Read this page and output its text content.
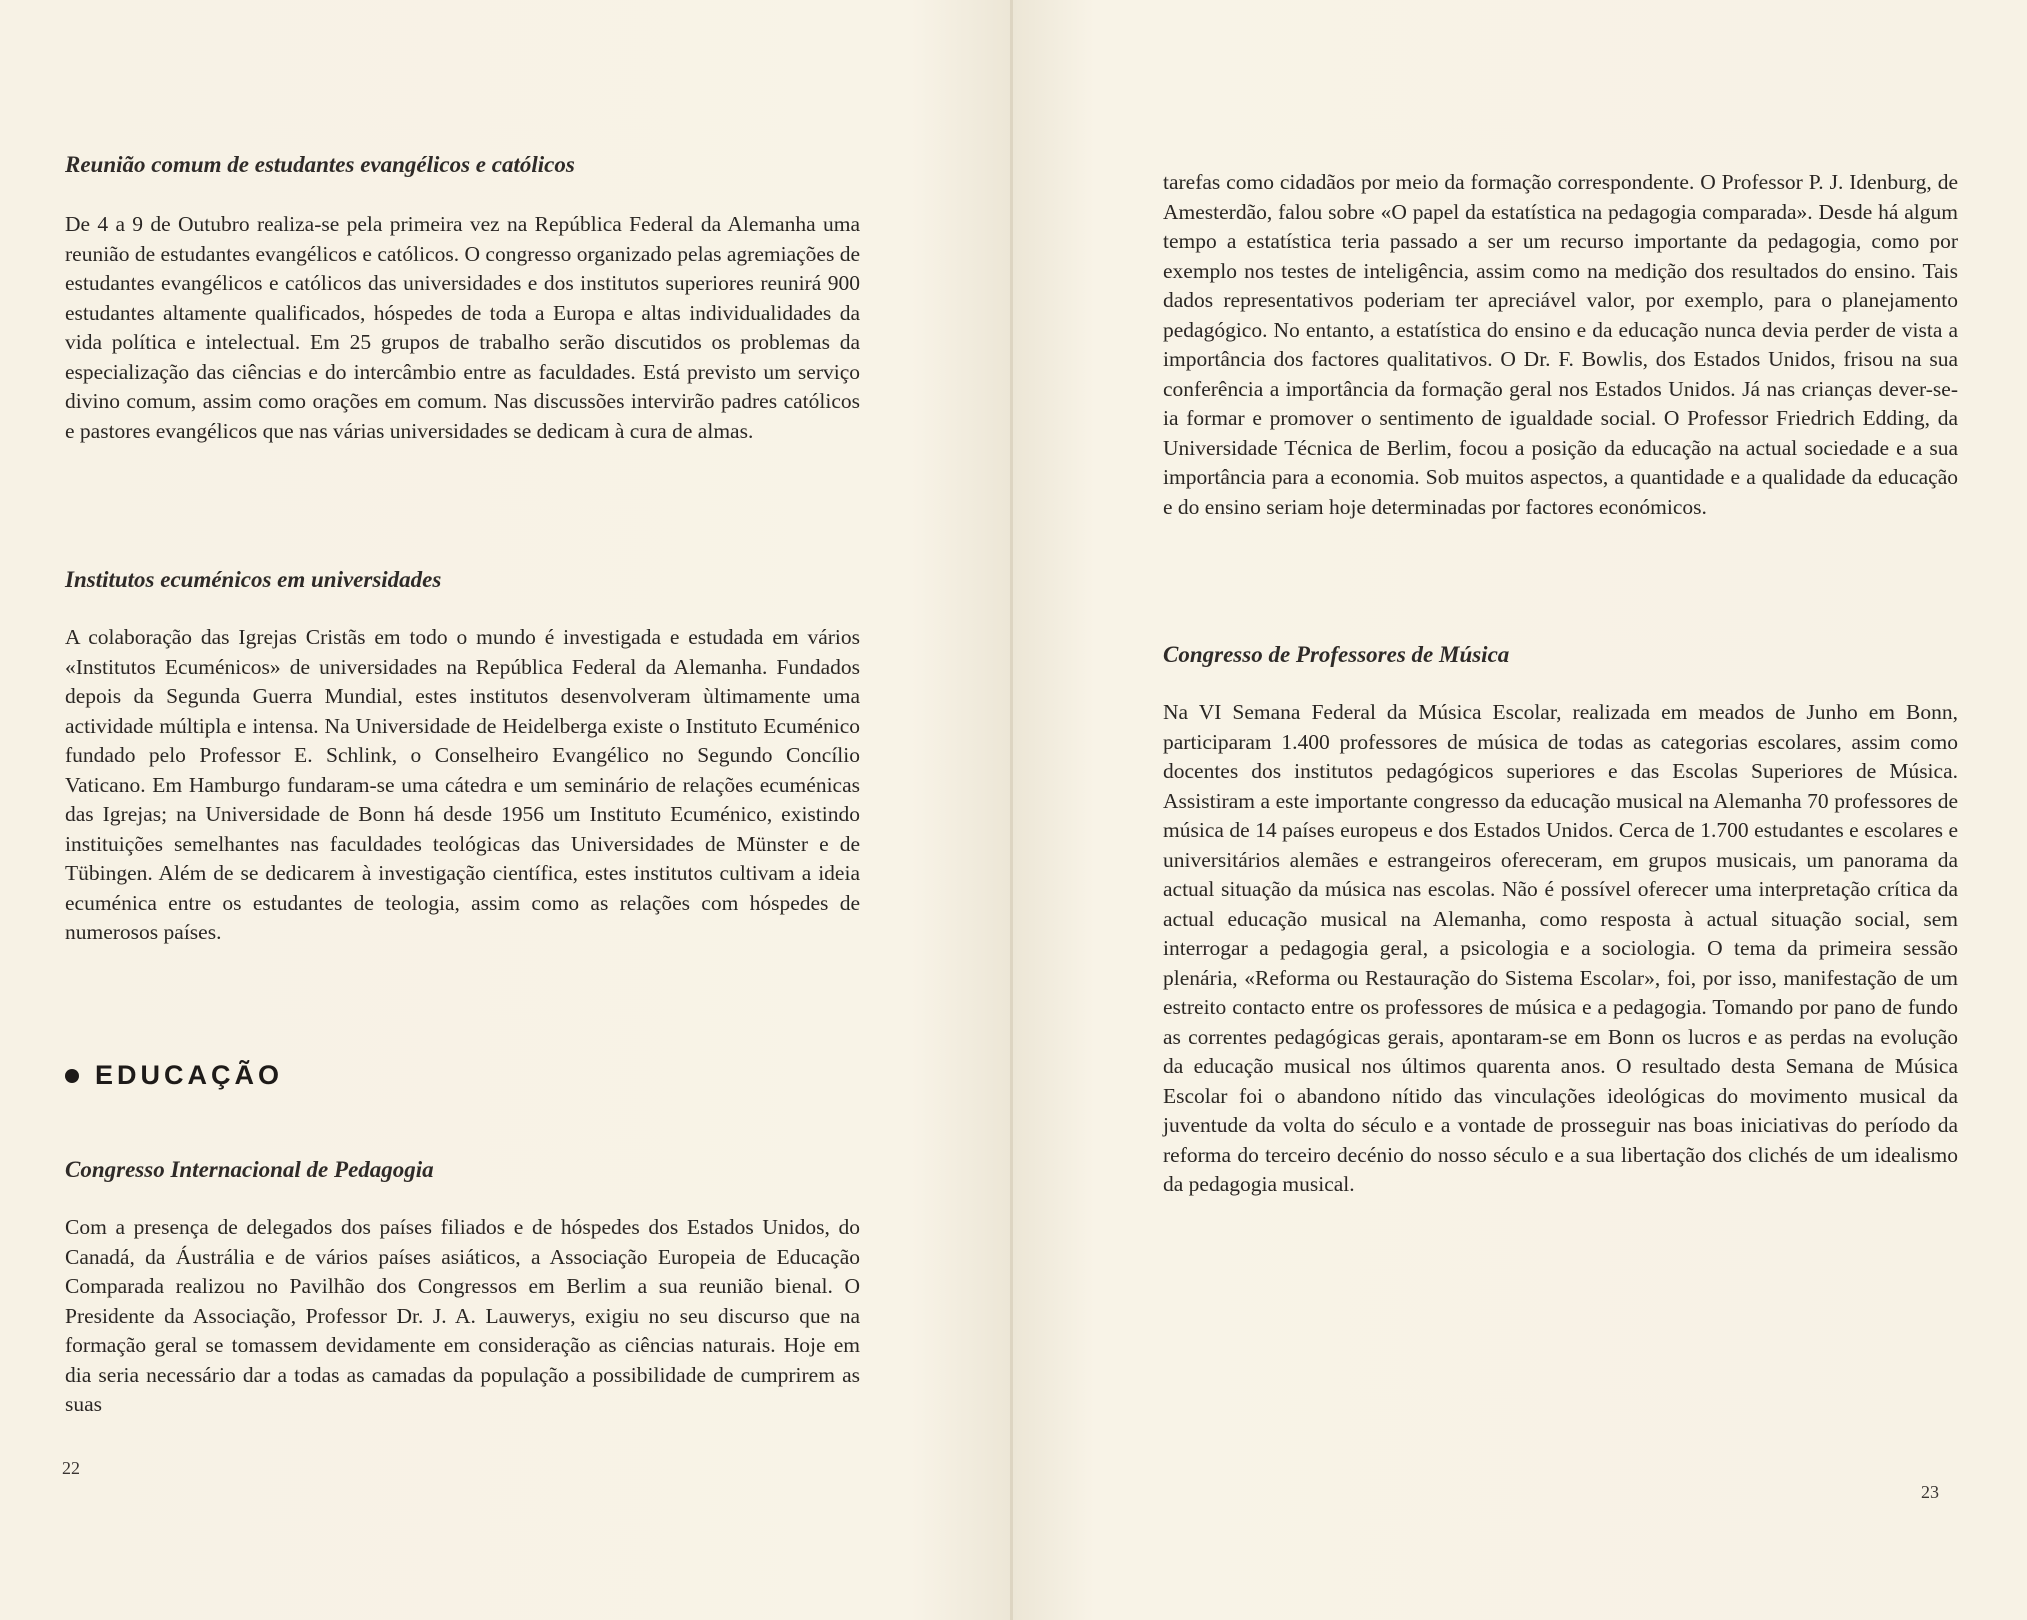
Reunião comum de estudantes evangélicos e católicos

De 4 a 9 de Outubro realiza-se pela primeira vez na República Federal da Alemanha uma reunião de estudantes evangélicos e católicos. O congresso organizado pelas agremiações de estudantes evangélicos e católicos das universidades e dos institutos superiores reunirá 900 estudantes altamente qualificados, hóspedes de toda a Europa e altas individualidades da vida política e intelectual. Em 25 grupos de trabalho serão discutidos os problemas da especialização das ciências e do intercâmbio entre as faculdades. Está previsto um serviço divino comum, assim como orações em comum. Nas discussões intervirão padres católicos e pastores evangélicos que nas várias universidades se dedicam à cura de almas.

Institutos ecuménicos em universidades

A colaboração das Igrejas Cristãs em todo o mundo é investigada e estudada em vários «Institutos Ecuménicos» de universidades na República Federal da Alemanha. Fundados depois da Segunda Guerra Mundial, estes institutos desenvolveram ùltimamente uma actividade múltipla e intensa. Na Universidade de Heidelberga existe o Instituto Ecuménico fundado pelo Professor E. Schlink, o Conselheiro Evangélico no Segundo Concílio Vaticano. Em Hamburgo fundaram-se uma cátedra e um seminário de relações ecuménicas das Igrejas; na Universidade de Bonn há desde 1956 um Instituto Ecuménico, existindo instituições semelhantes nas faculdades teológicas das Universidades de Münster e de Tübingen. Além de se dedicarem à investigação científica, estes institutos cultivam a ideia ecuménica entre os estudantes de teologia, assim como as relações com hóspedes de numerosos países.

EDUCAÇÃO
Congresso Internacional de Pedagogia

Com a presença de delegados dos países filiados e de hóspedes dos Estados Unidos, do Canadá, da Áustrália e de vários países asiáticos, a Associação Europeia de Educação Comparada realizou no Pavilhão dos Congressos em Berlim a sua reunião bienal. O Presidente da Associação, Professor Dr. J. A. Lauwerys, exigiu no seu discurso que na formação geral se tomassem devidamente em consideração as ciências naturais. Hoje em dia seria necessário dar a todas as camadas da população a possibilidade de cumprirem as suas

22

tarefas como cidadãos por meio da formação correspondente. O Professor P. J. Idenburg, de Amesterdão, falou sobre «O papel da estatística na pedagogia comparada». Desde há algum tempo a estatística teria passado a ser um recurso importante da pedagogia, como por exemplo nos testes de inteligência, assim como na medição dos resultados do ensino. Tais dados representativos poderiam ter apreciável valor, por exemplo, para o planejamento pedagógico. No entanto, a estatística do ensino e da educação nunca devia perder de vista a importância dos factores qualitativos. O Dr. F. Bowlis, dos Estados Unidos, frisou na sua conferência a importância da formação geral nos Estados Unidos. Já nas crianças dever-se-ia formar e promover o sentimento de igualdade social. O Professor Friedrich Edding, da Universidade Técnica de Berlim, focou a posição da educação na actual sociedade e a sua importância para a economia. Sob muitos aspectos, a quantidade e a qualidade da educação e do ensino seriam hoje determinadas por factores económicos.

Congresso de Professores de Música

Na VI Semana Federal da Música Escolar, realizada em meados de Junho em Bonn, participaram 1.400 professores de música de todas as categorias escolares, assim como docentes dos institutos pedagógicos superiores e das Escolas Superiores de Música. Assistiram a este importante congresso da educação musical na Alemanha 70 professores de música de 14 países europeus e dos Estados Unidos. Cerca de 1.700 estudantes e escolares e universitários alemães e estrangeiros ofereceram, em grupos musicais, um panorama da actual situação da música nas escolas. Não é possível oferecer uma interpretação crítica da actual educação musical na Alemanha, como resposta à actual situação social, sem interrogar a pedagogia geral, a psicologia e a sociologia. O tema da primeira sessão plenária, «Reforma ou Restauração do Sistema Escolar», foi, por isso, manifestação de um estreito contacto entre os professores de música e a pedagogia. Tomando por pano de fundo as correntes pedagógicas gerais, apontaram-se em Bonn os lucros e as perdas na evolução da educação musical nos últimos quarenta anos. O resultado desta Semana de Música Escolar foi o abandono nítido das vinculações ideológicas do movimento musical da juventude da volta do século e a vontade de prosseguir nas boas iniciativas do período da reforma do terceiro decénio do nosso século e a sua libertação dos clichés de um idealismo da pedagogia musical.

23
